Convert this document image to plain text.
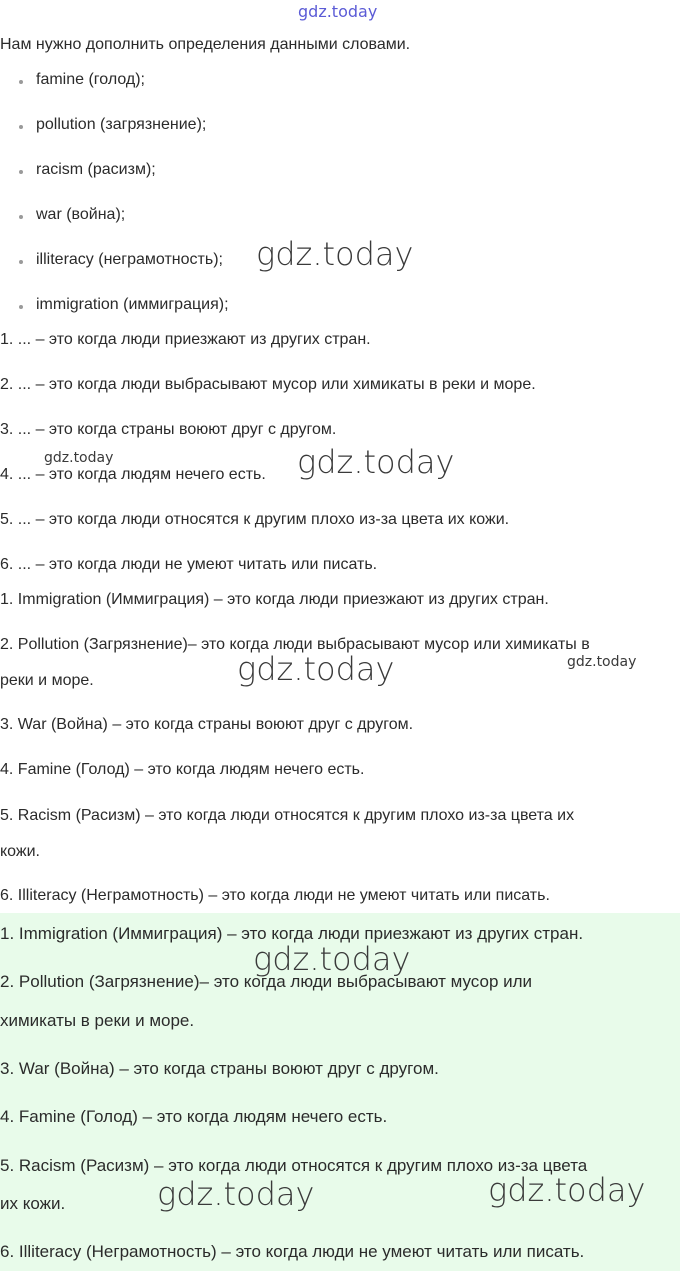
gdz.today
Нам нужно дополнить определения данными словами.
famine (голод);
pollution (загрязнение);
racism (расизм);
war (война);
illiteracy (неграмотность);
immigration (иммиграция);
1. ... – это когда люди приезжают из других стран.
2. ... – это когда люди выбрасывают мусор или химикаты в реки и море.
3. ... – это когда страны воюют друг с другом.
4. ... – это когда людям нечего есть.
5. ... – это когда люди относятся к другим плохо из-за цвета их кожи.
6. ... – это когда люди не умеют читать или писать.
1. Immigration (Иммиграция) – это когда люди приезжают из других стран.
2. Pollution (Загрязнение)– это когда люди выбрасывают мусор или химикаты в
реки и море.
3. War (Война) – это когда страны воюют друг с другом.
4. Famine (Голод) – это когда людям нечего есть.
5. Racism (Расизм) – это когда люди относятся к другим плохо из-за цвета их
кожи.
6. Illiteracy (Неграмотность) – это когда люди не умеют читать или писать.
1. Immigration (Иммиграция) – это когда люди приезжают из других стран.
2. Pollution (Загрязнение)– это когда люди выбрасывают мусор или
химикаты в реки и море.
3. War (Война) – это когда страны воюют друг с другом.
4. Famine (Голод) – это когда людям нечего есть.
5. Racism (Расизм) – это когда люди относятся к другим плохо из-за цвета
их кожи.
6. Illiteracy (Неграмотность) – это когда люди не умеют читать или писать.
gdz.today
gdz.today	gdz.today
gdz.today	gdz.today
gdz.today
gdz.today	gdz.today
